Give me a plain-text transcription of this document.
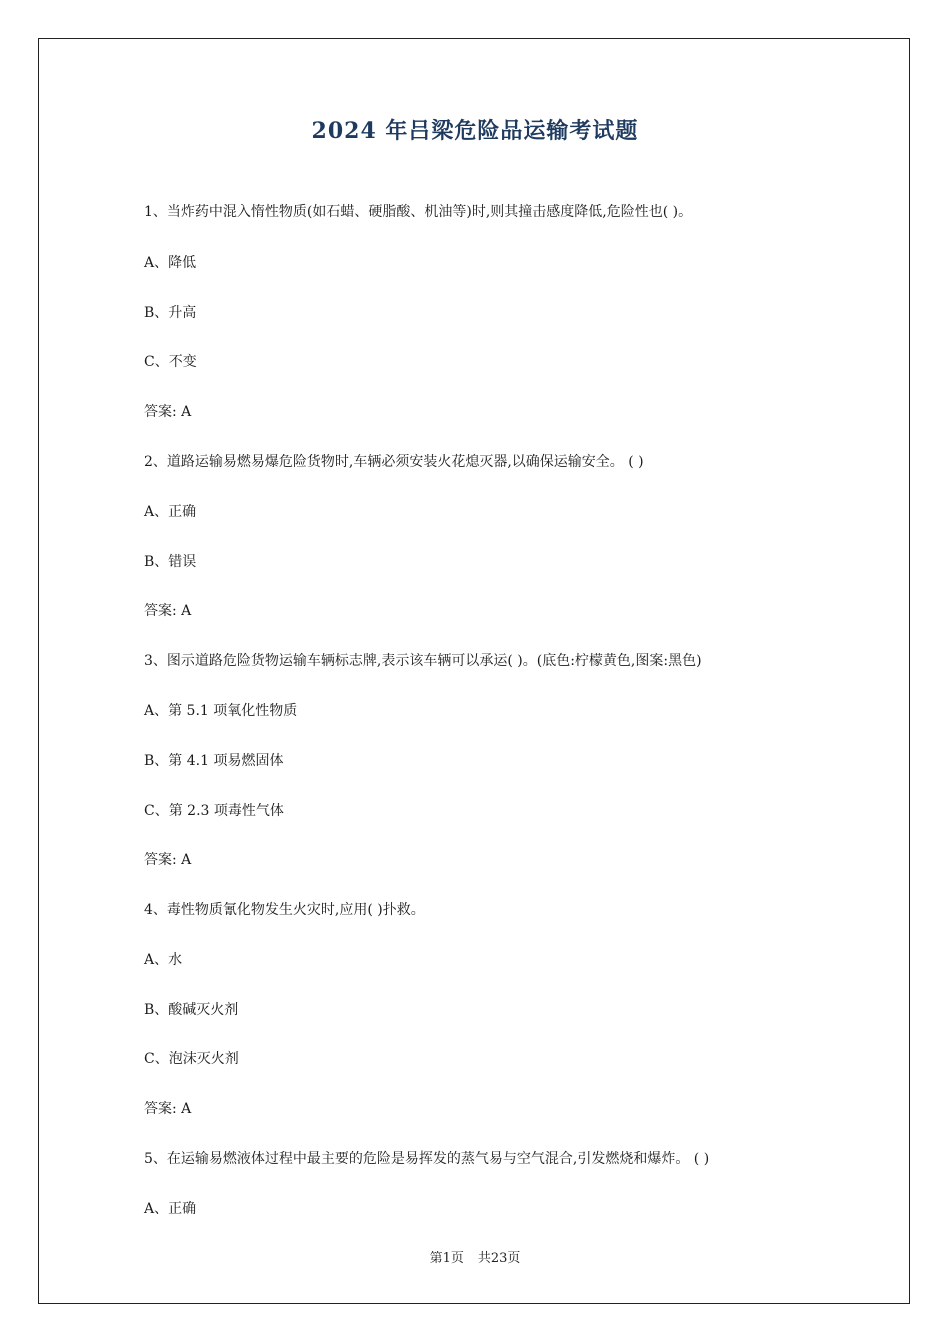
2024 年吕梁危险品运输考试题

1、当炸药中混入惰性物质(如石蜡、硬脂酸、机油等)时,则其撞击感度降低,危险性也( )。

A、降低

B、升高

C、不变

答案: A

2、道路运输易燃易爆危险货物时,车辆必须安装火花熄灭器,以确保运输安全。 ( )

A、正确

B、错误

答案: A

3、图示道路危险货物运输车辆标志牌,表示该车辆可以承运( )。(底色:柠檬黄色,图案:黑色)

A、第 5.1 项氧化性物质

B、第 4.1 项易燃固体

C、第 2.3 项毒性气体

答案: A

4、毒性物质氰化物发生火灾时,应用( )扑救。

A、水

B、酸碱灭火剂

C、泡沫灭火剂

答案: A

5、在运输易燃液体过程中最主要的危险是易挥发的蒸气易与空气混合,引发燃烧和爆炸。 ( )

A、正确

第1页 共23页
